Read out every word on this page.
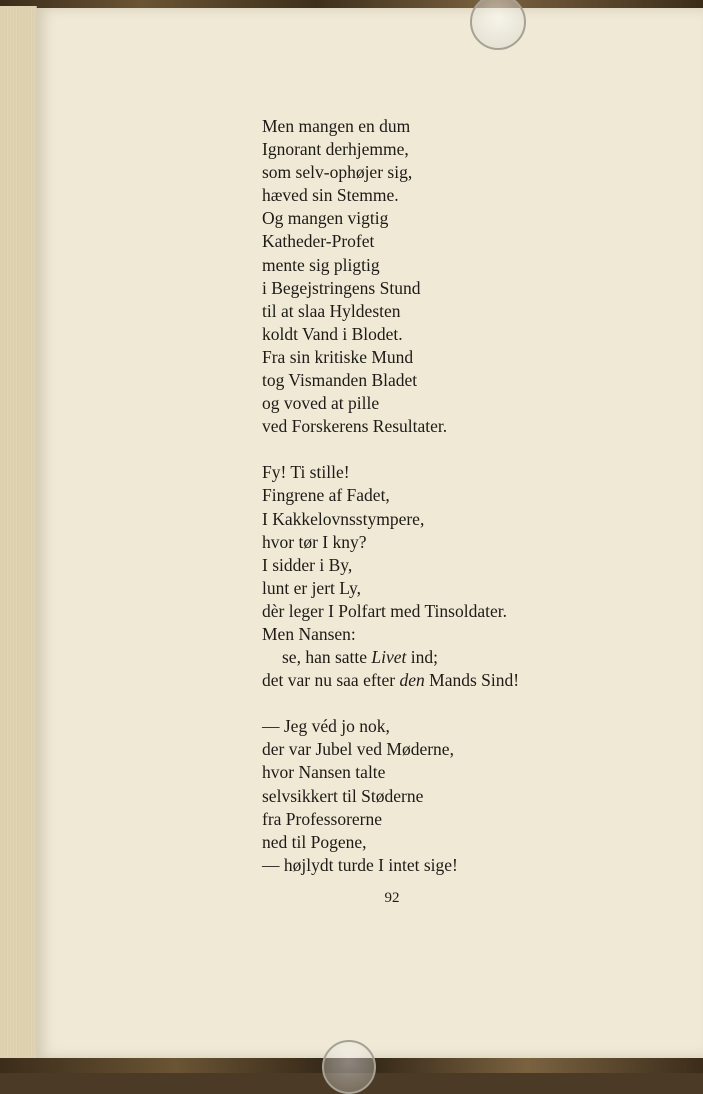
Men mangen en dum
Ignorant derhjemme,
som selv-ophøjer sig,
hæved sin Stemme.
Og mangen vigtig
Katheder-Profet
mente sig pligtig
i Begejstringens Stund
til at slaa Hyldesten
koldt Vand i Blodet.
Fra sin kritiske Mund
tog Vismanden Bladet
og voved at pille
ved Forskerens Resultater.
Fy! Ti stille!
Fingrene af Fadet,
I Kakkelovnsstympere,
hvor tør I kny?
I sidder i By,
lunt er jert Ly,
dèr leger I Polfart med Tinsoldater.
Men Nansen:
se, han satte Livet ind;
det var nu saa efter den Mands Sind!
— Jeg véd jo nok,
der var Jubel ved Møderne,
hvor Nansen talte
selvsikkert til Støderne
fra Professorerne
ned til Pogene,
— højlydt turde I intet sige!
92
